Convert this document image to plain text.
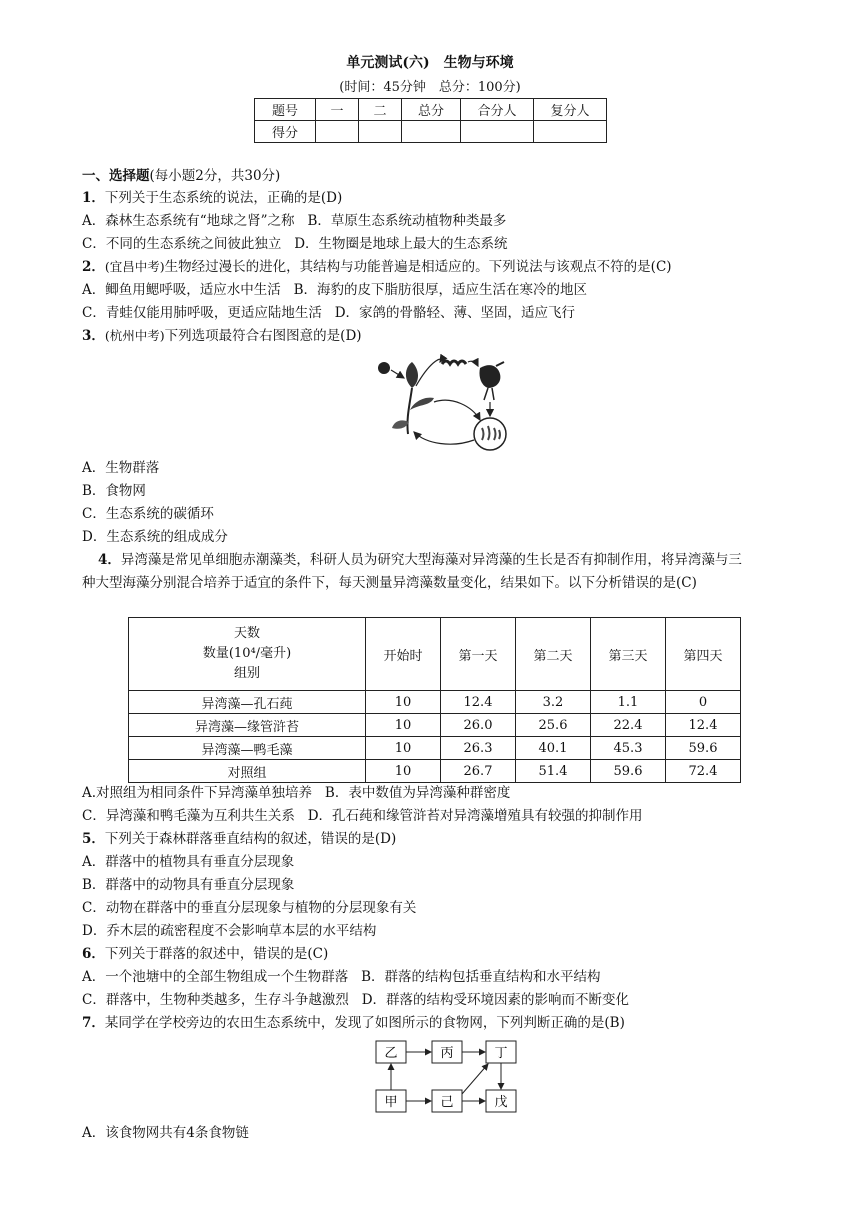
单元测试(六)　生物与环境
(时间：45分钟　总分：100分)
题号	一	二	总分	合分人	复分人
得分					
一、选择题(每小题2分，共30分)
1．下列关于生态系统的说法，正确的是(D)
A．森林生态系统有“地球之肾”之称 B．草原生态系统动植物种类最多
C．不同的生态系统之间彼此独立 D．生物圈是地球上最大的生态系统
2．(宜昌中考)生物经过漫长的进化，其结构与功能普遍是相适应的。下列说法与该观点不符的是(C)
A．鲫鱼用鳃呼吸，适应水中生活 B．海豹的皮下脂肪很厚，适应生活在寒冷的地区
C．青蛙仅能用肺呼吸，更适应陆地生活 D．家鸽的骨骼轻、薄、坚固，适应飞行
3．(杭州中考)下列选项最符合右图图意的是(D)
A．生物群落
B．食物网
C．生态系统的碳循环
D．生态系统的组成成分
4．异湾藻是常见单细胞赤潮藻类，科研人员为研究大型海藻对异湾藻的生长是否有抑制作用，将异湾藻与三
种大型海藻分别混合培养于适宜的条件下，每天测量异湾藻数量变化，结果如下。以下分析错误的是(C)
天数
数量(10⁴/毫升)
组别	开始时	第一天	第二天	第三天	第四天
异湾藻—孔石莼	10	12.4	3.2	1.1	0
异湾藻—缘管浒苔	10	26.0	25.6	22.4	12.4
异湾藻—鸭毛藻	10	26.3	40.1	45.3	59.6
对照组	10	26.7	51.4	59.6	72.4
A.对照组为相同条件下异湾藻单独培养 B．表中数值为异湾藻种群密度
C．异湾藻和鸭毛藻为互利共生关系 D．孔石莼和缘管浒苔对异湾藻增殖具有较强的抑制作用
5．下列关于森林群落垂直结构的叙述，错误的是(D)
A．群落中的植物具有垂直分层现象
B．群落中的动物具有垂直分层现象
C．动物在群落中的垂直分层现象与植物的分层现象有关
D．乔木层的疏密程度不会影响草本层的水平结构
6．下列关于群落的叙述中，错误的是(C)
A．一个池塘中的全部生物组成一个生物群落 B．群落的结构包括垂直结构和水平结构
C．群落中，生物种类越多，生存斗争越激烈 D．群落的结构受环境因素的影响而不断变化
7．某同学在学校旁边的农田生态系统中，发现了如图所示的食物网，下列判断正确的是(B)
乙	丙	丁
甲	己	戊
A．该食物网共有4条食物链
